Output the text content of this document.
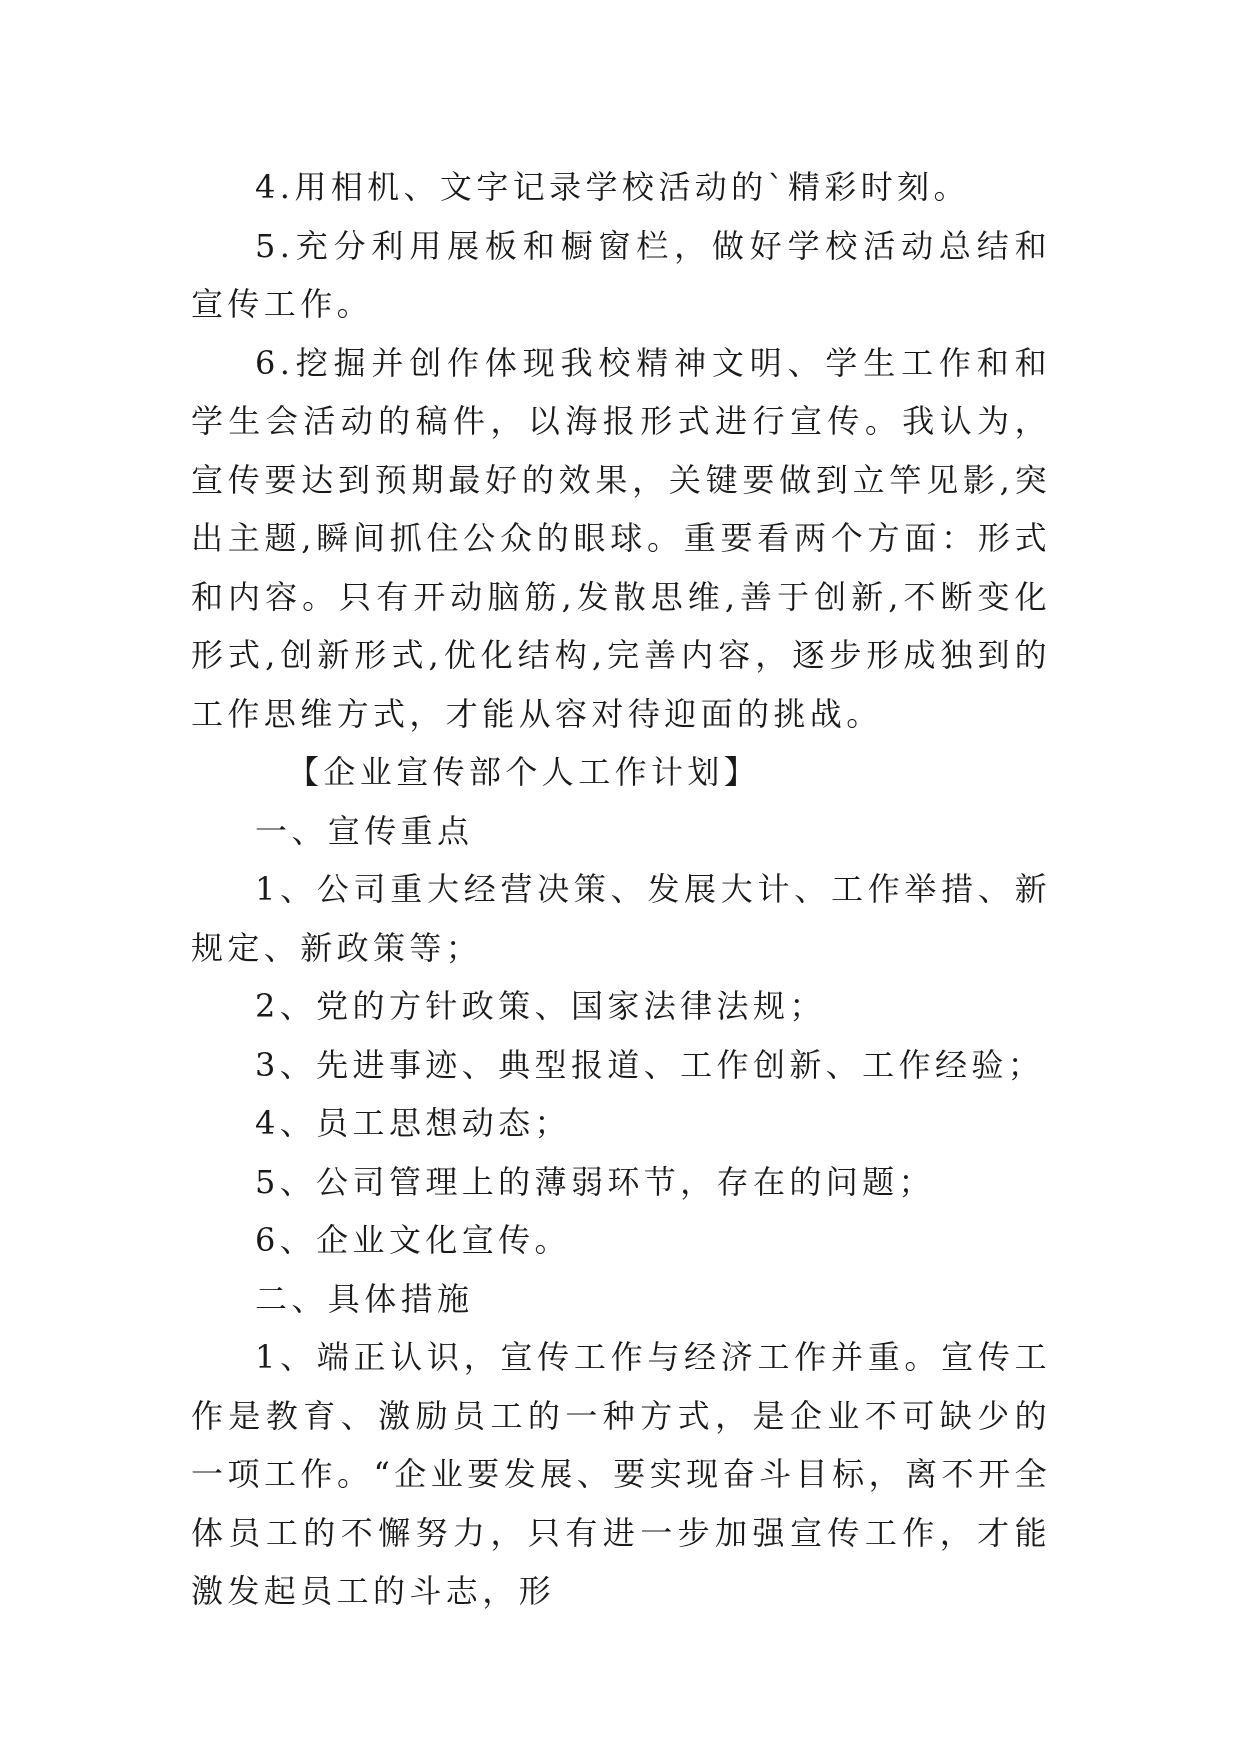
4.用相机、文字记录学校活动的`精彩时刻。

5.充分利用展板和橱窗栏，做好学校活动总结和宣传工作。

6.挖掘并创作体现我校精神文明、学生工作和和学生会活动的稿件，以海报形式进行宣传。我认为，宣传要达到预期最好的效果，关键要做到立竿见影,突出主题,瞬间抓住公众的眼球。重要看两个方面：形式和内容。只有开动脑筋,发散思维,善于创新,不断变化形式,创新形式,优化结构,完善内容，逐步形成独到的工作思维方式，才能从容对待迎面的挑战。

【企业宣传部个人工作计划】

一、宣传重点

1、公司重大经营决策、发展大计、工作举措、新规定、新政策等；

2、党的方针政策、国家法律法规；

3、先进事迹、典型报道、工作创新、工作经验；

4、员工思想动态；

5、公司管理上的薄弱环节，存在的问题；

6、企业文化宣传。

二、具体措施

1、端正认识，宣传工作与经济工作并重。宣传工作是教育、激励员工的一种方式，是企业不可缺少的一项工作。“企业要发展、要实现奋斗目标，离不开全体员工的不懈努力，只有进一步加强宣传工作，才能激发起员工的斗志，形
